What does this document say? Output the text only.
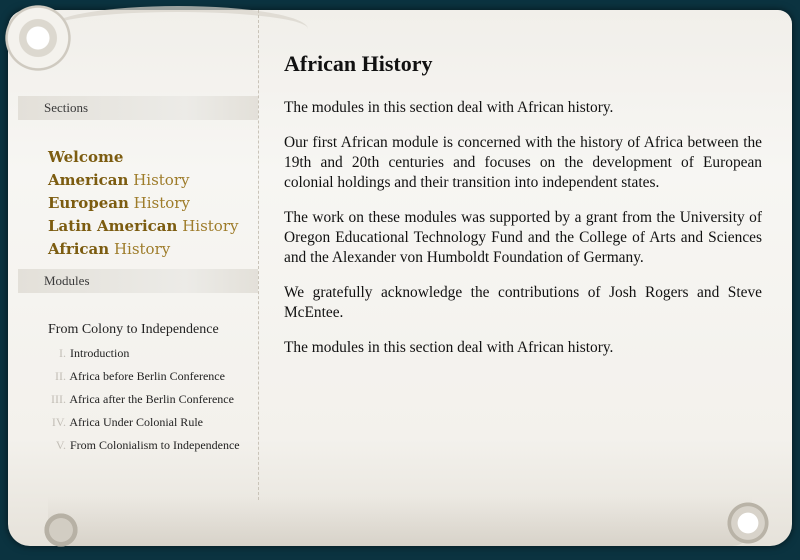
Sections
Welcome
American History
European History
Latin American History
African History
Modules
From Colony to Independence
I. Introduction
II. Africa before Berlin Conference
III. Africa after the Berlin Conference
IV. Africa Under Colonial Rule
V. From Colonialism to Independence
African History

The modules in this section deal with African history.

Our first African module is concerned with the history of Africa between the 19th and 20th centuries and focuses on the development of European colonial holdings and their transition into independent states.

The work on these modules was supported by a grant from the University of Oregon Educational Technology Fund and the College of Arts and Sciences and the Alexander von Humboldt Foundation of Germany.

We gratefully acknowledge the contributions of Josh Rogers and Steve McEntee.

The modules in this section deal with African history.
